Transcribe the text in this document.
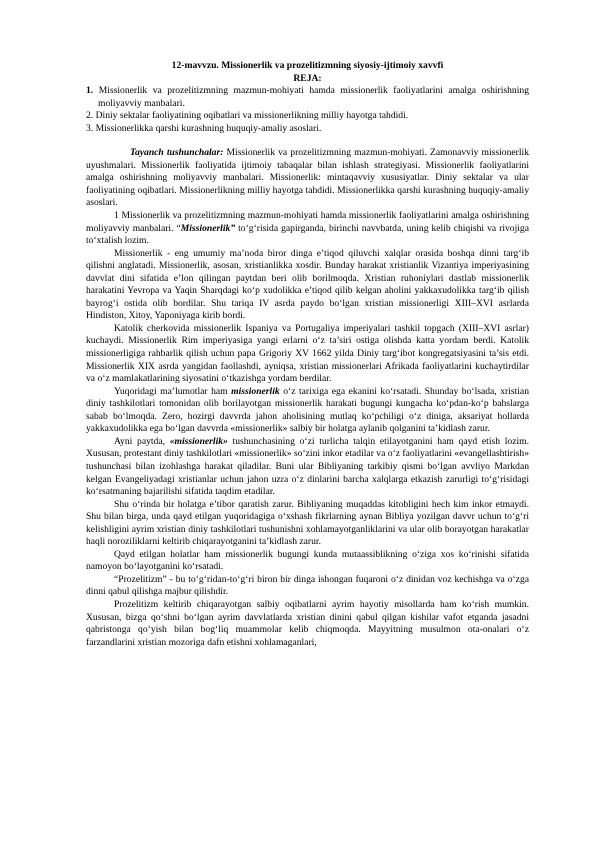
12-mavvzu. Missionerlik va prozelitizmning siyosiy-ijtimoiy xavvfi
REJA:
1. Missionerlik va prozelitizmning mazmun-mohiyati hamda missionerlik faoliyatlarini amalga oshirishning moliyavviy manbalari.
2. Diniy sektalar faoliyatining oqibatlari va missionerlikning milliy hayotga tahdidi.
3. Missionerlikka qarshi kurashning huquqiy-amaliy asoslari.

Tayanch tushunchalar: Missionerlik va prozelitizmning mazmun-mohiyati. Zamonavviy missionerlik uyushmalari. Missionerlik faoliyatida ijtimoiy tabaqalar bilan ishlash strategiyasi. Missionerlik faoliyatlarini amalga oshirishning moliyavviy manbalari. Missionerlik: mintaqavviy xususiyatlar. Diniy sektalar va ular faoliyatining oqibatlari. Missionerlikning milliy hayotga tahdidi. Missionerlikka qarshi kurashning huquqiy-amaliy asoslari.

1 Missionerlik va prozelitizmning mazmun-mohiyati hamda missionerlik faoliyatlarini amalga oshirishning moliyavviy manbalari. “Missionerlik” to‘g‘risida gapirganda, birinchi navvbatda, uning kelib chiqishi va rivojiga to‘xtalish lozim.

Missionerlik - eng umumiy ma’noda biror dinga e’tiqod qiluvchi xalqlar orasida boshqa dinni targ‘ib qilishni anglatadi. Missionerlik, asosan, xristianlikka xosdir. Bunday harakat xristianlik Vizantiya imperiyasining davvlat dini sifatida e’lon qilingan paytdan beri olib borilmoqda. Xristian ruhoniylari dastlab missionerlik harakatini Yevropa va Yaqin Sharqdagi ko‘p xudolikka e’tiqod qilib kelgan aholini yakkaxudolikka targ‘ib qilish bayrog‘i ostida olib bordilar. Shu tariqa IV asrda paydo bo‘lgan xristian missionerligi XIII–XVI asrlarda Hindiston, Xitoy, Yaponiyaga kirib bordi.

Katolik cherkovida missionerlik Ispaniya va Portugaliya imperiyalari tashkil topgach (XIII–XVI asrlar) kuchaydi. Missionerlik Rim imperiyasiga yangi erlarni o‘z ta’siri ostiga olishda katta yordam berdi. Katolik missionerligiga rahbarlik qilish uchun papa Grigoriy XV 1662 yilda Diniy targ‘ibot kongregatsiyasini ta’sis etdi. Missionerlik XIX asrda yangidan faollashdi, ayniqsa, xristian missionerlari Afrikada faoliyatlarini kuchaytirdilar va o‘z mamlakatlarining siyosatini o‘tkazishga yordam berdilar.

Yuqoridagi ma’lumotlar ham missionerlik o‘z tarixiga ega ekanini ko‘rsatadi. Shunday bo‘lsada, xristian diniy tashkilotlari tomonidan olib borilayotgan missionerlik harakati bugungi kungacha ko‘pdan-ko‘p bahslarga sabab bo‘lmoqda. Zero, hozirgi davvrda jahon aholisining mutlaq ko‘pchiligi o‘z diniga, aksariyat hollarda yakkaxudolikka ega bo‘lgan davvrda «missionerlik» salbiy bir holatga aylanib qolganini ta’kidlash zarur.

Ayni paytda, «missionerlik» tushunchasining o‘zi turlicha talqin etilayotganini ham qayd etish lozim. Xususan, protestant diniy tashkilotlari «missionerlik» so‘zini inkor etadilar va o‘z faoliyatlarini «evangellashtirish» tushunchasi bilan izohlashga harakat qiladilar. Buni ular Bibliyaning tarkibiy qismi bo‘lgan avvliyo Markdan kelgan Evangeliyadagi xristianlar uchun jahon uzra o‘z dinlarini barcha xalqlarga etkazish zarurligi to‘g‘risidagi ko‘rsatmaning bajarilishi sifatida taqdim etadilar.

Shu o‘rinda bir holatga e’tibor qaratish zarur. Bibliyaning muqaddas kitobligini hech kim inkor etmaydi. Shu bilan birga, unda qayd etilgan yuqoridagiga o‘xshash fikrlarning aynan Bibliya yozilgan davvr uchun to‘g‘ri kelishligini ayrim xristian diniy tashkilotlari tushunishni xohlamayotganliklarini va ular olib borayotgan harakatlar haqli noroziliklarni keltirib chiqarayotganini ta’kidlash zarur.

Qayd etilgan holatlar ham missionerlik bugungi kunda mutaassiblikning o‘ziga xos ko‘rinishi sifatida namoyon bo‘layotganini ko‘rsatadi.

“Prozelitizm” - bu to‘g‘ridan-to‘g‘ri biron bir dinga ishongan fuqaroni o‘z dinidan voz kechishga va o‘zga dinni qabul qilishga majbur qilishdir.

Prozelitizm keltirib chiqarayotgan salbiy oqibatlarni ayrim hayotiy misollarda ham ko‘rish mumkin. Xususan, bizga qo‘shni bo‘lgan ayrim davvlatlarda xristian dinini qabul qilgan kishilar vafot etganda jasadni qabristonga qo‘yish bilan bog‘liq muammolar kelib chiqmoqda. Mayyitning musulmon ota-onalari o‘z farzandlarini xristian mozoriga dafn etishni xohlamaganlari,
